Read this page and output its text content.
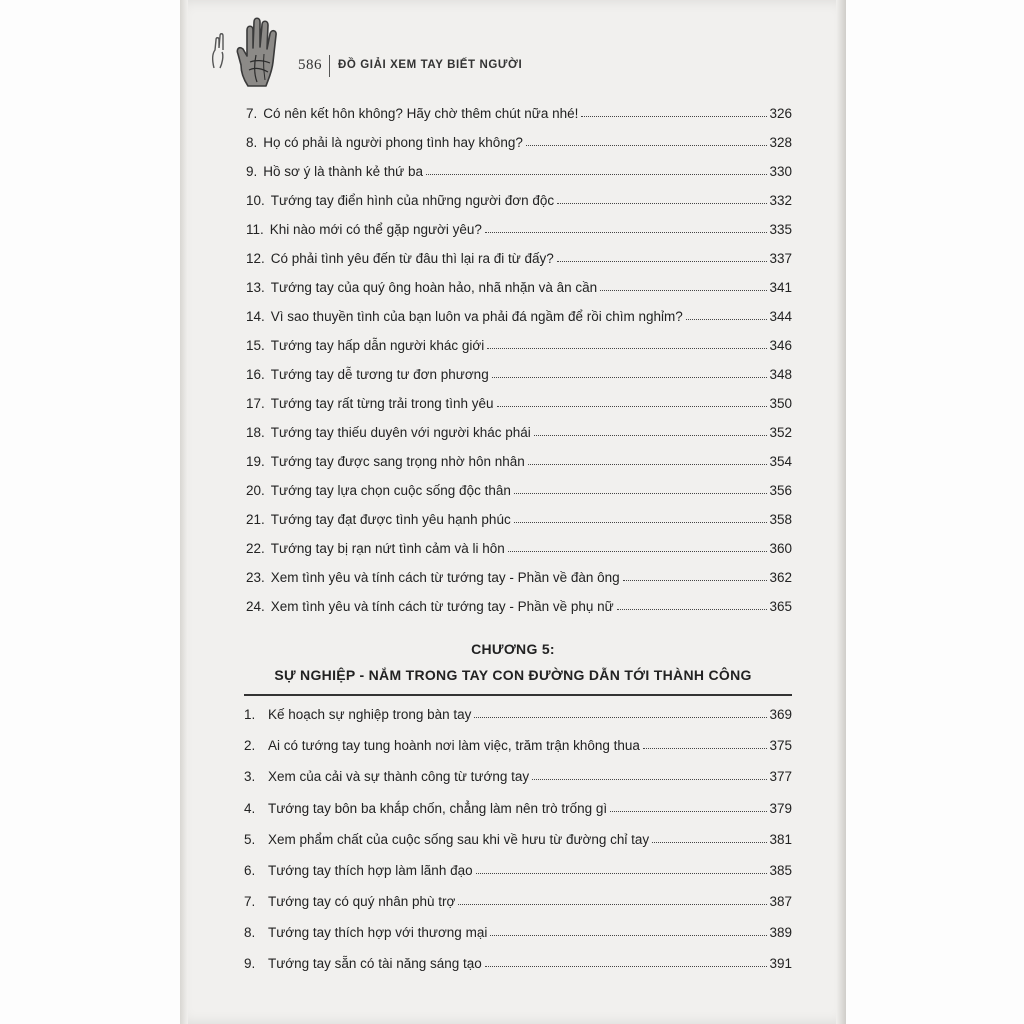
586 ĐỒ GIẢI XEM TAY BIẾT NGƯỜI
7. Có nên kết hôn không? Hãy chờ thêm chút nữa nhé!	326
8. Họ có phải là người phong tình hay không?	328
9. Hồ sơ ý là thành kẻ thứ ba	330
10. Tướng tay điển hình của những người đơn độc	332
11. Khi nào mới có thể gặp người yêu?	335
12. Có phải tình yêu đến từ đâu thì lại ra đi từ đấy?	337
13. Tướng tay của quý ông hoàn hảo, nhã nhặn và ân cần	341
14. Vì sao thuyền tình của bạn luôn va phải đá ngầm để rồi chìm nghỉm?	344
15. Tướng tay hấp dẫn người khác giới	346
16. Tướng tay dễ tương tư đơn phương	348
17. Tướng tay rất từng trải trong tình yêu	350
18. Tướng tay thiếu duyên với người khác phái	352
19. Tướng tay được sang trọng nhờ hôn nhân	354
20. Tướng tay lựa chọn cuộc sống độc thân	356
21. Tướng tay đạt được tình yêu hạnh phúc	358
22. Tướng tay bị rạn nứt tình cảm và li hôn	360
23. Xem tình yêu và tính cách từ tướng tay - Phần về đàn ông	362
24. Xem tình yêu và tính cách từ tướng tay - Phần về phụ nữ	365
CHƯƠNG 5:
SỰ NGHIỆP - NẮM TRONG TAY CON ĐƯỜNG DẪN TỚI THÀNH CÔNG
1. Kế hoạch sự nghiệp trong bàn tay	369
2. Ai có tướng tay tung hoành nơi làm việc, trăm trận không thua	375
3. Xem của cải và sự thành công từ tướng tay	377
4. Tướng tay bôn ba khắp chốn, chẳng làm nên trò trống gì	379
5. Xem phẩm chất của cuộc sống sau khi về hưu từ đường chỉ tay	381
6. Tướng tay thích hợp làm lãnh đạo	385
7. Tướng tay có quý nhân phù trợ	387
8. Tướng tay thích hợp với thương mại	389
9. Tướng tay sẵn có tài năng sáng tạo	391
